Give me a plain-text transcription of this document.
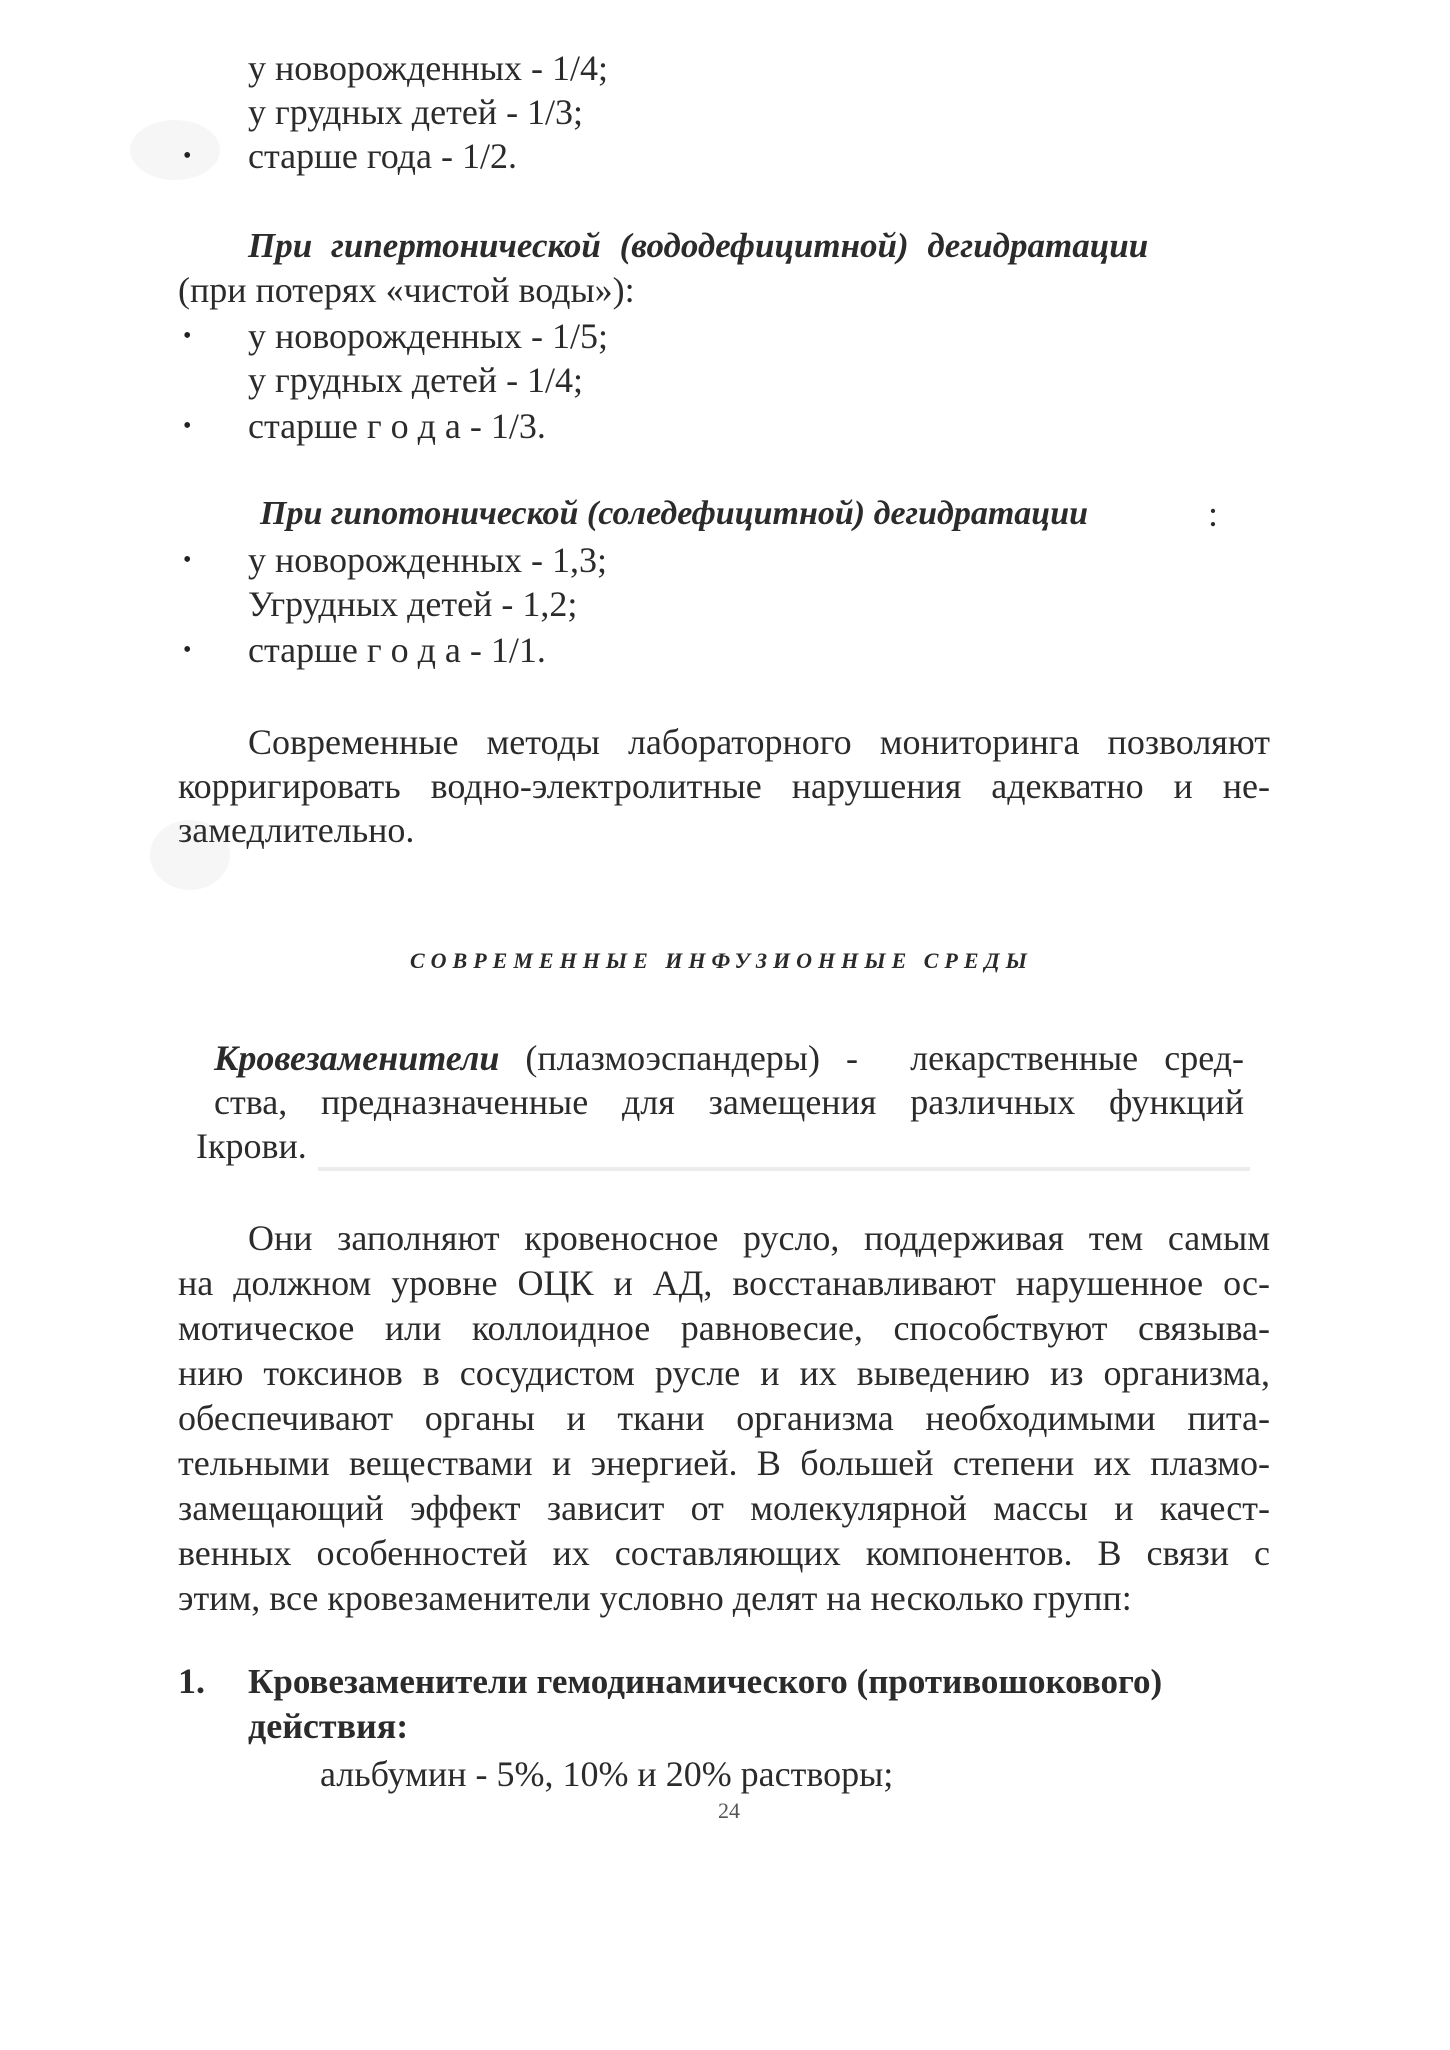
у новорожденных - 1/4;
у грудных детей - 1/3;
• старше года - 1/2.
При гипертонической (вододефицитной) дегидратации
(при потерях «чистой воды»):
• у новорожденных - 1/5;
у грудных детей - 1/4;
• старше г о д а - 1/3.
При гипотонической (соледефицитной) дегидратации	:
• у новорожденных - 1,3;
Угрудных детей - 1,2;
• старше г о д а - 1/1.
Современные методы лабораторного мониторинга позволяют
корригировать водно-электролитные нарушения адекватно и не-
замедлительно.
СОВРЕМЕННЫЕ ИНФУЗИОННЫЕ СРЕДЫ
Кровезаменители (плазмоэспандеры) -  лекарственные сред-
ства, предназначенные для замещения различных функций
Iкрови.
Они заполняют кровеносное русло, поддерживая тем самым
на должном уровне ОЦК и АД, восстанавливают нарушенное ос-
мотическое или коллоидное равновесие, способствуют связыва-
нию токсинов в сосудистом русле и их выведению из организма,
обеспечивают органы и ткани организма необходимыми пита-
тельными веществами и энергией. В большей степени их плазмо-
замещающий эффект зависит от молекулярной массы и качест-
венных особенностей их составляющих компонентов. В связи с
этим, все кровезаменители условно делят на несколько групп:
1. Кровезаменители гемодинамического (противошокового)
действия:
альбумин - 5%, 10% и 20% растворы;
24
